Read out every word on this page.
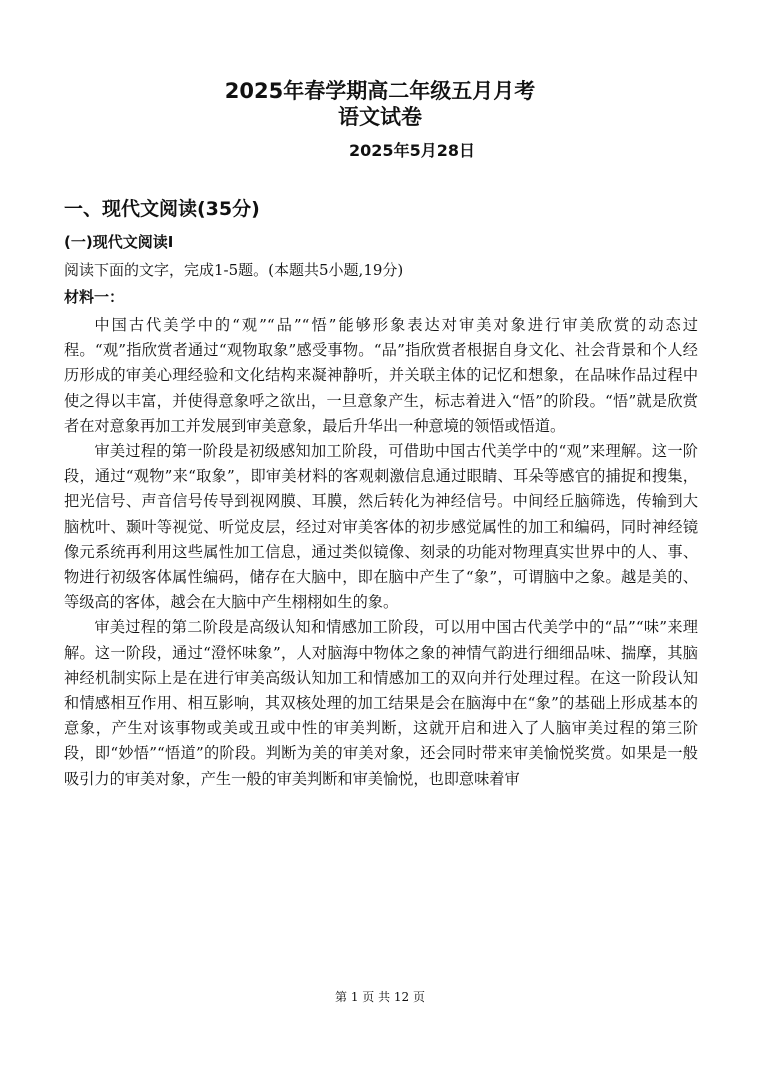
2025年春学期高二年级五月月考
语文试卷
2025年5月28日
一、现代文阅读(35分)
(一)现代文阅读Ⅰ

阅读下面的文字，完成1-5题。(本题共5小题,19分)

材料一：

中国古代美学中的“观”“品”“悟”能够形象表达对审美对象进行审美欣赏的动态过程。“观”指欣赏者通过“观物取象”感受事物。“品”指欣赏者根据自身文化、社会背景和个人经历形成的审美心理经验和文化结构来凝神静听，并关联主体的记忆和想象，在品味作品过程中使之得以丰富，并使得意象呼之欲出，一旦意象产生，标志着进入“悟”的阶段。“悟”就是欣赏者在对意象再加工并发展到审美意象，最后升华出一种意境的领悟或悟道。

审美过程的第一阶段是初级感知加工阶段，可借助中国古代美学中的“观”来理解。这一阶段，通过“观物”来“取象”，即审美材料的客观刺激信息通过眼睛、耳朵等感官的捕捉和搜集，把光信号、声音信号传导到视网膜、耳膜，然后转化为神经信号。中间经丘脑筛选，传输到大脑枕叶、颞叶等视觉、听觉皮层，经过对审美客体的初步感觉属性的加工和编码，同时神经镜像元系统再利用这些属性加工信息，通过类似镜像、刻录的功能对物理真实世界中的人、事、物进行初级客体属性编码，储存在大脑中，即在脑中产生了“象”，可谓脑中之象。越是美的、等级高的客体，越会在大脑中产生栩栩如生的象。

审美过程的第二阶段是高级认知和情感加工阶段，可以用中国古代美学中的“品”“味”来理解。这一阶段，通过“澄怀味象”，人对脑海中物体之象的神情气韵进行细细品味、揣摩，其脑神经机制实际上是在进行审美高级认知加工和情感加工的双向并行处理过程。在这一阶段认知和情感相互作用、相互影响，其双核处理的加工结果是会在脑海中在“象”的基础上形成基本的意象，产生对该事物或美或丑或中性的审美判断，这就开启和进入了人脑审美过程的第三阶段，即“妙悟”“悟道”的阶段。判断为美的审美对象，还会同时带来审美愉悦奖赏。如果是一般吸引力的审美对象，产生一般的审美判断和审美愉悦，也即意味着审

第 1 页 共 12 页
